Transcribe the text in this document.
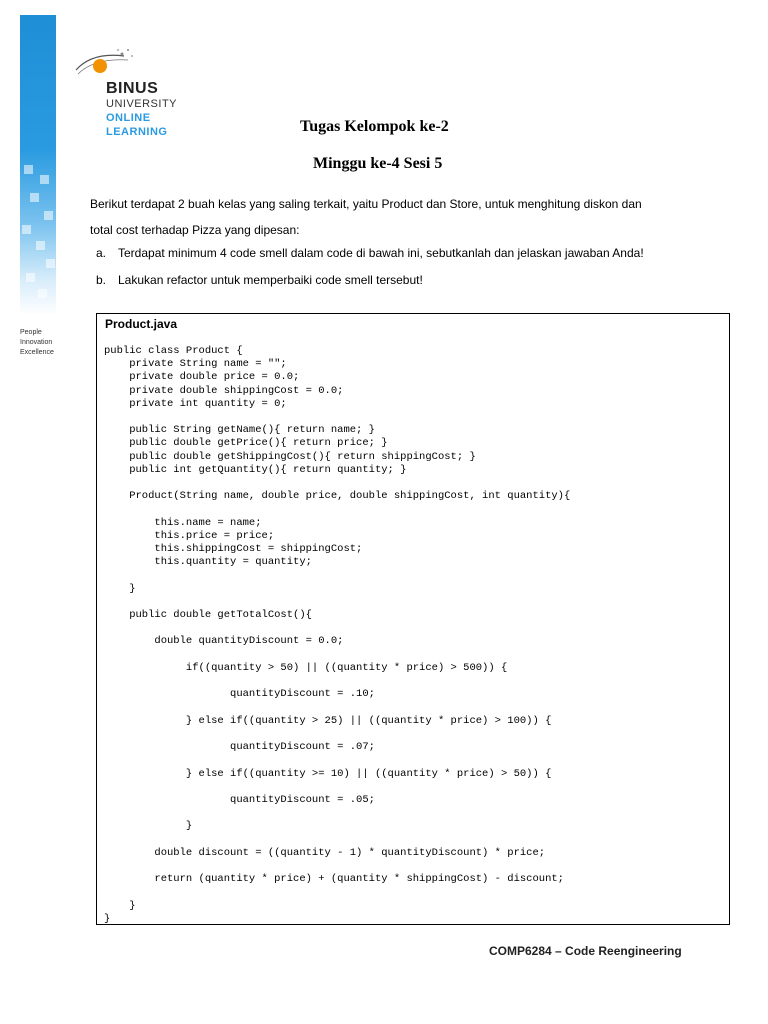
People
Innovation
Excellence
BINUS
UNIVERSITY
ONLINE
LEARNING	Tugas Kelompok ke-2
Minggu ke-4 Sesi 5

Berikut terdapat 2 buah kelas yang saling terkait, yaitu Product dan Store, untuk menghitung diskon dan

total cost terhadap Pizza yang dipesan:

a. Terdapat minimum 4 code smell dalam code di bawah ini, sebutkanlah dan jelaskan jawaban Anda!
b. Lakukan refactor untuk memperbaiki code smell tersebut!
Product.java
public class Product {
private String name = "";
private double price = 0.0;
private double shippingCost = 0.0;
private int quantity = 0;

public String getName(){ return name; }
public double getPrice(){ return price; }
public double getShippingCost(){ return shippingCost; }
public int getQuantity(){ return quantity; }

Product(String name, double price, double shippingCost, int quantity){

this.name = name;
this.price = price;
this.shippingCost = shippingCost;
this.quantity = quantity;

}

public double getTotalCost(){

double quantityDiscount = 0.0;

if((quantity > 50) || ((quantity * price) > 500)) {

quantityDiscount = .10;

} else if((quantity > 25) || ((quantity * price) > 100)) {

quantityDiscount = .07;

} else if((quantity >= 10) || ((quantity * price) > 50)) {

quantityDiscount = .05;

}

double discount = ((quantity - 1) * quantityDiscount) * price;

return (quantity * price) + (quantity * shippingCost) - discount;

}
}
COMP6284 – Code Reengineering
